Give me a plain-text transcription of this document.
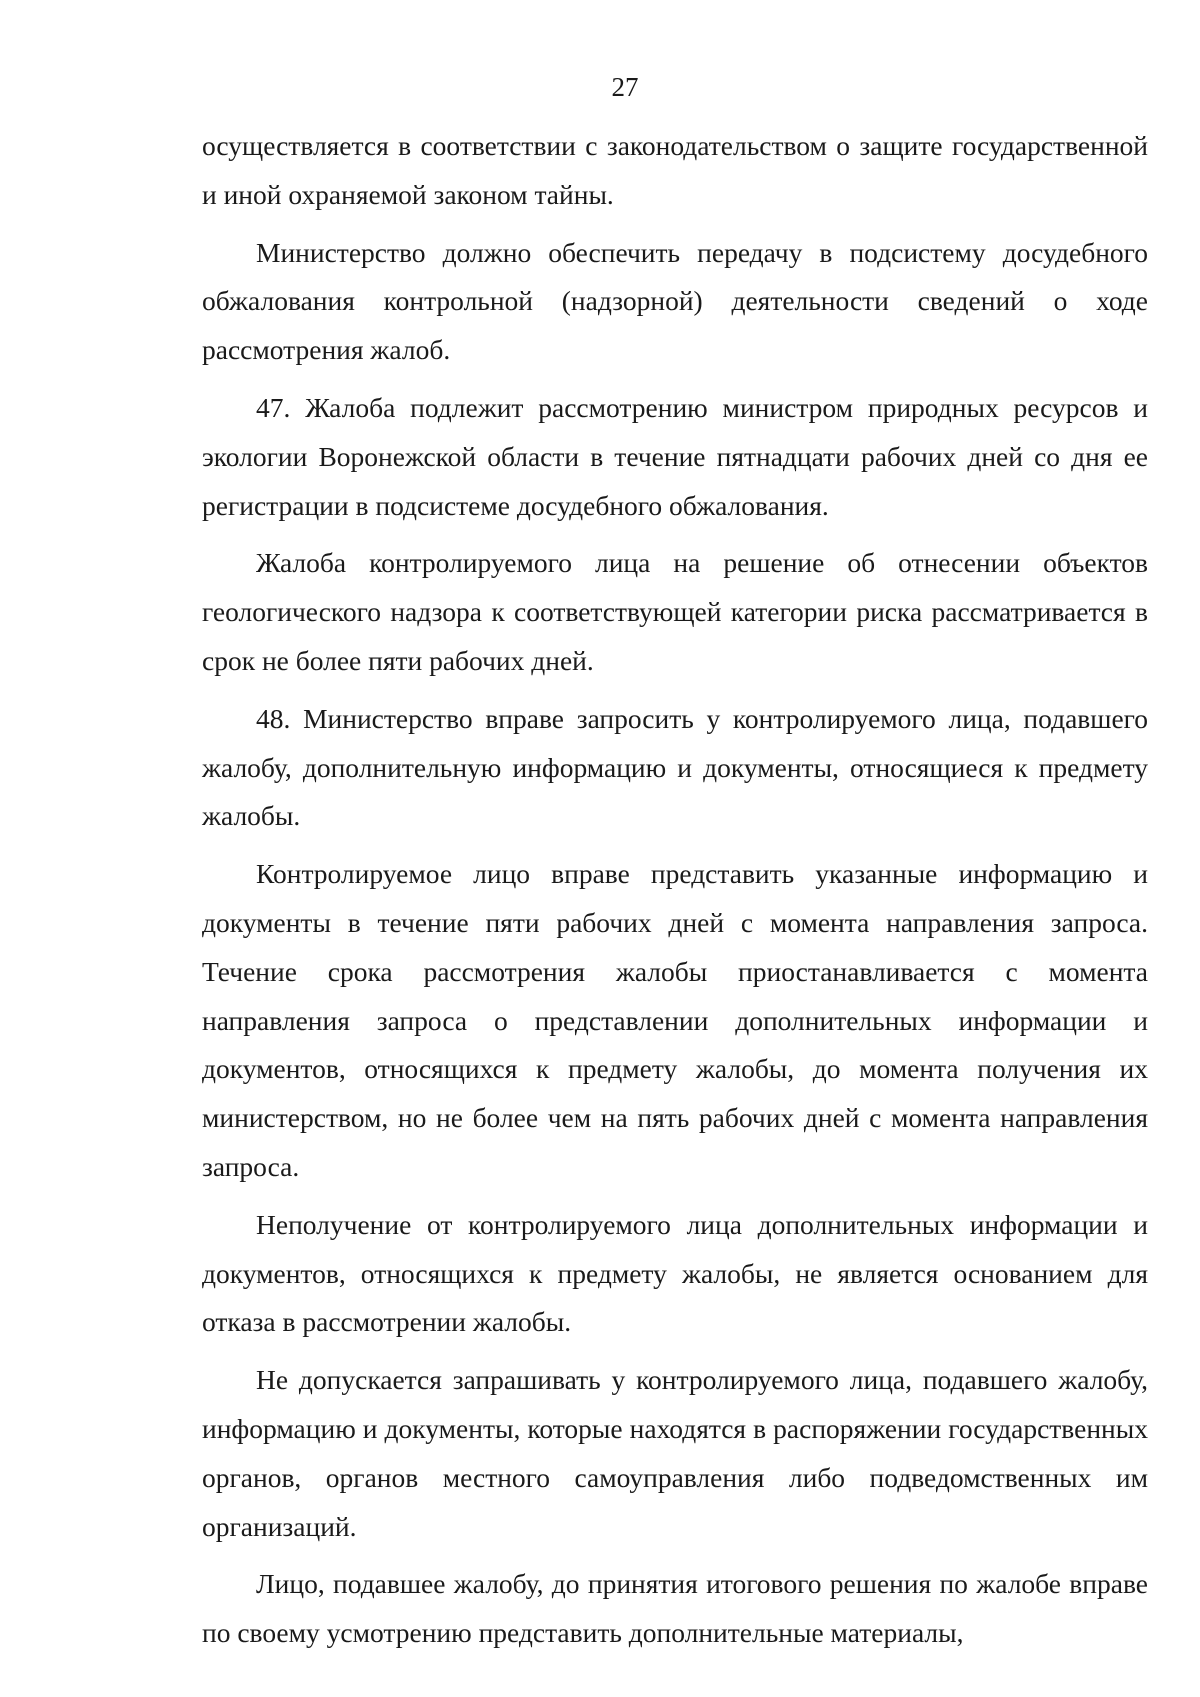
27

осуществляется в соответствии с законодательством о защите государственной и иной охраняемой законом тайны.

Министерство должно обеспечить передачу в подсистему досудебного обжалования контрольной (надзорной) деятельности сведений о ходе рассмотрения жалоб.

47. Жалоба подлежит рассмотрению министром природных ресурсов и экологии Воронежской области в течение пятнадцати рабочих дней со дня ее регистрации в подсистеме досудебного обжалования.

Жалоба контролируемого лица на решение об отнесении объектов геологического надзора к соответствующей категории риска рассматривается в срок не более пяти рабочих дней.

48. Министерство вправе запросить у контролируемого лица, подавшего жалобу, дополнительную информацию и документы, относящиеся к предмету жалобы.

Контролируемое лицо вправе представить указанные информацию и документы в течение пяти рабочих дней с момента направления запроса. Течение срока рассмотрения жалобы приостанавливается с момента направления запроса о представлении дополнительных информации и документов, относящихся к предмету жалобы, до момента получения их министерством, но не более чем на пять рабочих дней с момента направления запроса.

Неполучение от контролируемого лица дополнительных информации и документов, относящихся к предмету жалобы, не является основанием для отказа в рассмотрении жалобы.

Не допускается запрашивать у контролируемого лица, подавшего жалобу, информацию и документы, которые находятся в распоряжении государственных органов, органов местного самоуправления либо подведомственных им организаций.

Лицо, подавшее жалобу, до принятия итогового решения по жалобе вправе по своему усмотрению представить дополнительные материалы,
